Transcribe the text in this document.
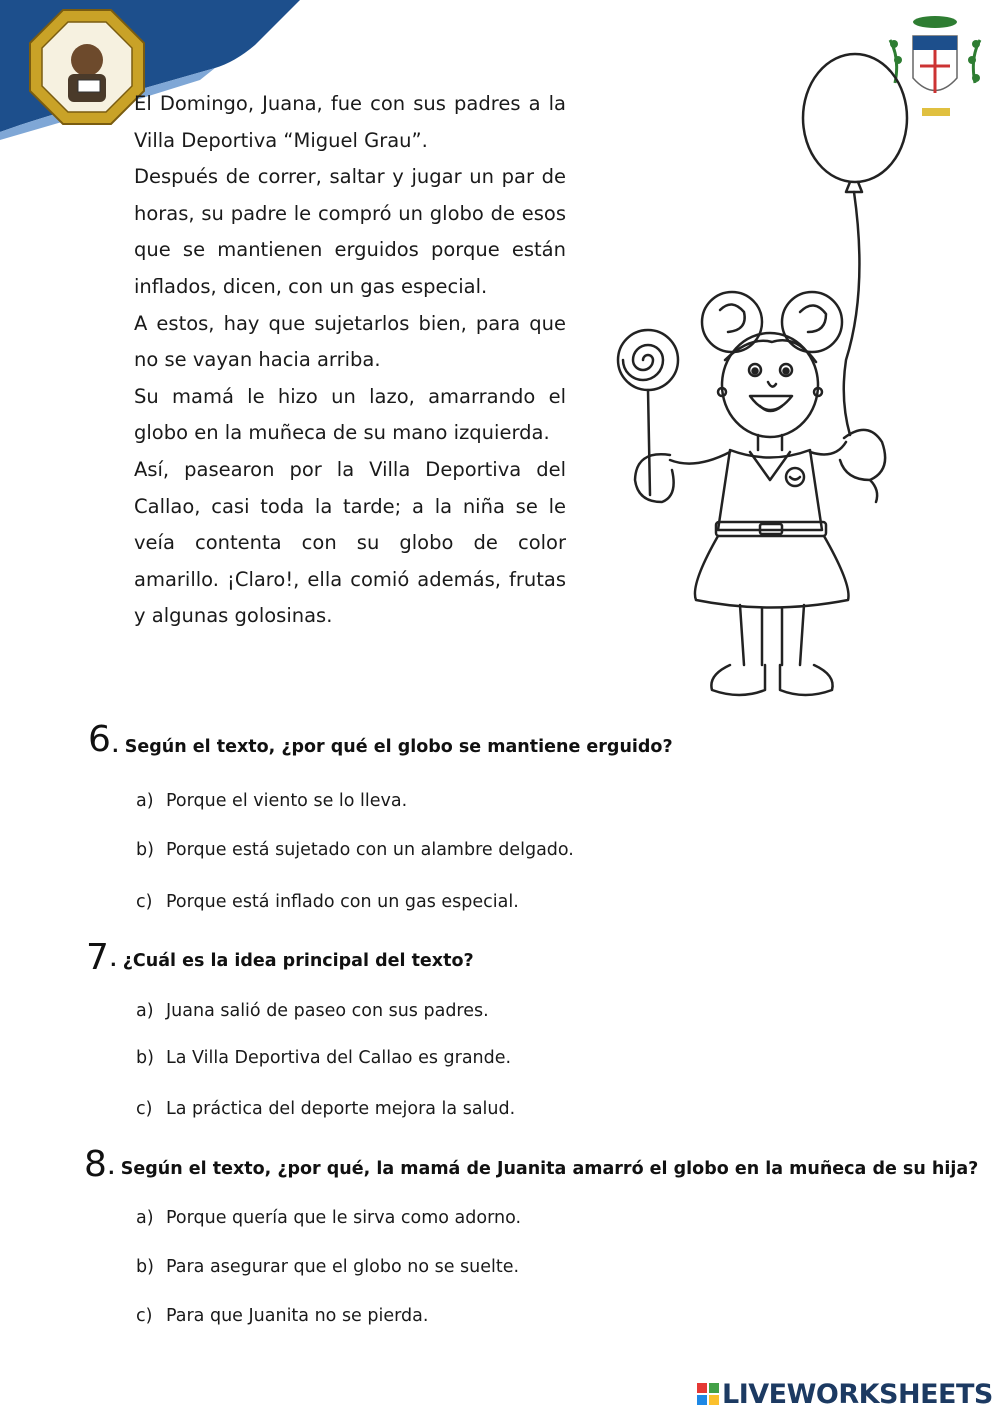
El Domingo, Juana, fue con sus padres a la Villa Deportiva “Miguel Grau”.

Después de correr, saltar y jugar un par de horas, su padre le compró un globo de esos que se mantienen erguidos porque están inflados, dicen, con un gas especial.

A estos, hay que sujetarlos bien, para que no se vayan hacia arriba.

Su mamá le hizo un lazo, amarrando el globo en la muñeca de su mano izquierda.

Así, pasearon por la Villa Deportiva del Callao, casi toda la tarde; a la niña se le veía contenta con su globo de color amarillo. ¡Claro!, ella comió además, frutas y algunas golosinas.

6 . Según el texto, ¿por qué el globo se mantiene erguido?
a) Porque el viento se lo lleva.
b) Porque está sujetado con un alambre delgado.
c) Porque está inflado con un gas especial.
7 . ¿Cuál es la idea principal del texto?
a) Juana salió de paseo con sus padres.
b) La Villa Deportiva del Callao es grande.
c) La práctica del deporte mejora la salud.
8 . Según el texto, ¿por qué, la mamá de Juanita amarró el globo en la muñeca de su hija?
a) Porque quería que le sirva como adorno.
b) Para asegurar que el globo no se suelte.
c) Para que Juanita no se pierda.
LIVEWORKSHEETS
